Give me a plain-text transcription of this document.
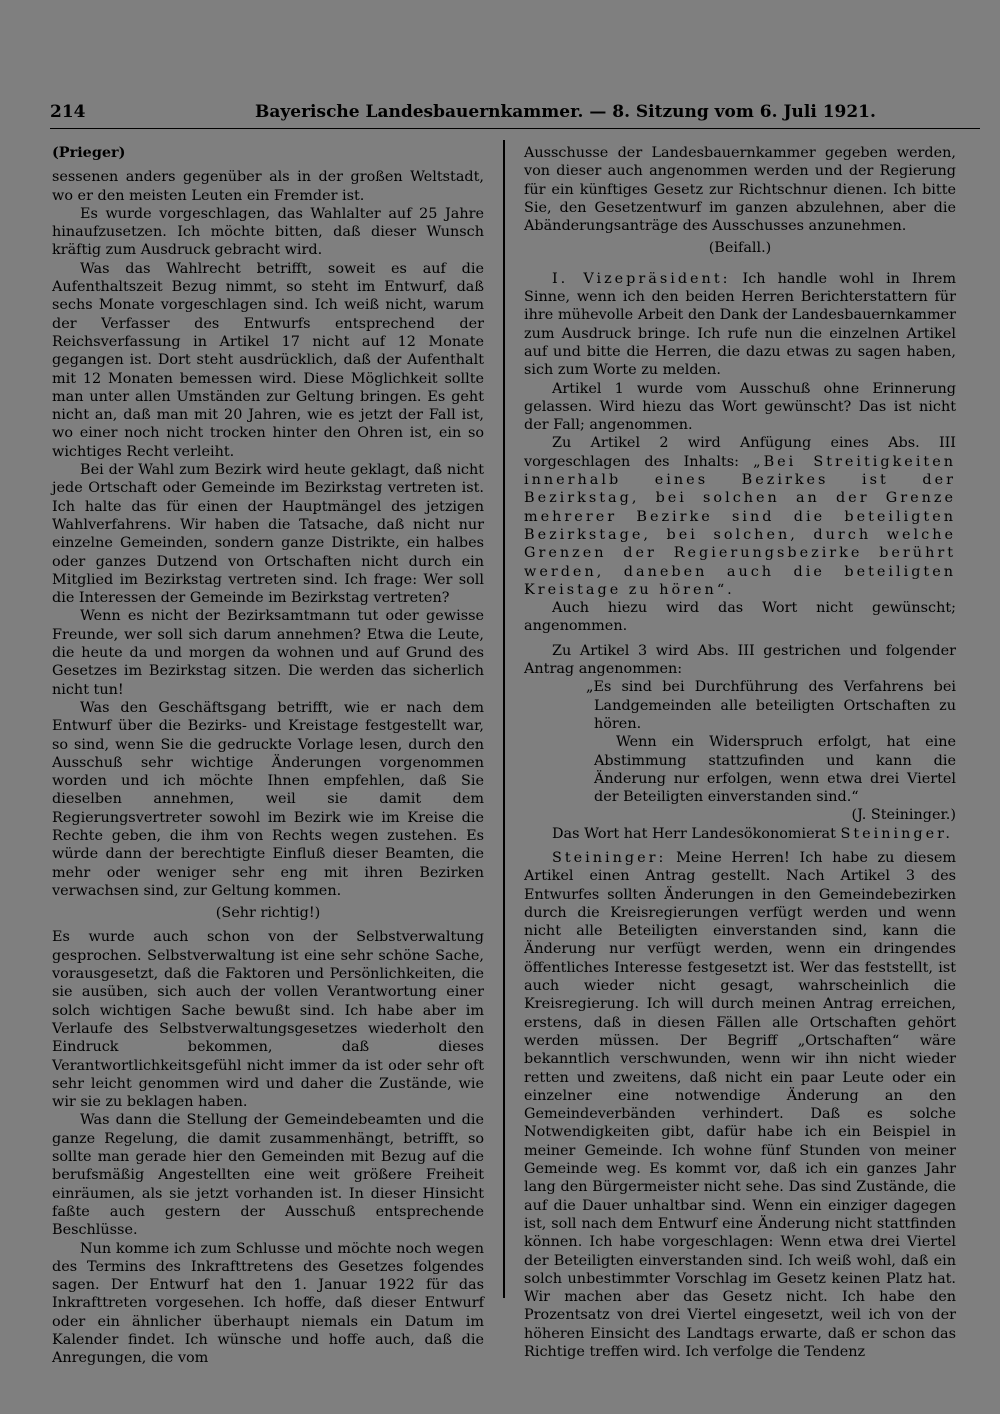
214	Bayerische Landesbauernkammer. — 8. Sitzung vom 6. Juli 1921.

(Prieger)

sessenen anders gegenüber als in der großen Weltstadt, wo er den meisten Leuten ein Fremder ist.

Es wurde vorgeschlagen, das Wahlalter auf 25 Jahre hinaufzusetzen. Ich möchte bitten, daß dieser Wunsch kräftig zum Ausdruck gebracht wird.

Was das Wahlrecht betrifft, soweit es auf die Aufenthaltszeit Bezug nimmt, so steht im Entwurf, daß sechs Monate vorgeschlagen sind. Ich weiß nicht, warum der Verfasser des Entwurfs entsprechend der Reichsverfassung in Artikel 17 nicht auf 12 Monate gegangen ist. Dort steht ausdrücklich, daß der Aufenthalt mit 12 Monaten bemessen wird. Diese Möglichkeit sollte man unter allen Umständen zur Geltung bringen. Es geht nicht an, daß man mit 20 Jahren, wie es jetzt der Fall ist, wo einer noch nicht trocken hinter den Ohren ist, ein so wichtiges Recht verleiht.

Bei der Wahl zum Bezirk wird heute geklagt, daß nicht jede Ortschaft oder Gemeinde im Bezirkstag vertreten ist. Ich halte das für einen der Hauptmängel des jetzigen Wahlverfahrens. Wir haben die Tatsache, daß nicht nur einzelne Gemeinden, sondern ganze Distrikte, ein halbes oder ganzes Dutzend von Ortschaften nicht durch ein Mitglied im Bezirkstag vertreten sind. Ich frage: Wer soll die Interessen der Gemeinde im Bezirkstag vertreten?

Wenn es nicht der Bezirksamtmann tut oder gewisse Freunde, wer soll sich darum annehmen? Etwa die Leute, die heute da und morgen da wohnen und auf Grund des Gesetzes im Bezirkstag sitzen. Die werden das sicherlich nicht tun!

Was den Geschäftsgang betrifft, wie er nach dem Entwurf über die Bezirks- und Kreistage festgestellt war, so sind, wenn Sie die gedruckte Vorlage lesen, durch den Ausschuß sehr wichtige Änderungen vorgenommen worden und ich möchte Ihnen empfehlen, daß Sie dieselben annehmen, weil sie damit dem Regierungsvertreter sowohl im Bezirk wie im Kreise die Rechte geben, die ihm von Rechts wegen zustehen. Es würde dann der berechtigte Einfluß dieser Beamten, die mehr oder weniger sehr eng mit ihren Bezirken verwachsen sind, zur Geltung kommen.

(Sehr richtig!)

Es wurde auch schon von der Selbstverwaltung gesprochen. Selbstverwaltung ist eine sehr schöne Sache, vorausgesetzt, daß die Faktoren und Persönlichkeiten, die sie ausüben, sich auch der vollen Verantwortung einer solch wichtigen Sache bewußt sind. Ich habe aber im Verlaufe des Selbstverwaltungsgesetzes wiederholt den Eindruck bekommen, daß dieses Verantwortlichkeitsgefühl nicht immer da ist oder sehr oft sehr leicht genommen wird und daher die Zustände, wie wir sie zu beklagen haben.

Was dann die Stellung der Gemeindebeamten und die ganze Regelung, die damit zusammenhängt, betrifft, so sollte man gerade hier den Gemeinden mit Bezug auf die berufsmäßig Angestellten eine weit größere Freiheit einräumen, als sie jetzt vorhanden ist. In dieser Hinsicht faßte auch gestern der Ausschuß entsprechende Beschlüsse.

Nun komme ich zum Schlusse und möchte noch wegen des Termins des Inkrafttretens des Gesetzes folgendes sagen. Der Entwurf hat den 1. Januar 1922 für das Inkrafttreten vorgesehen. Ich hoffe, daß dieser Entwurf oder ein ähnlicher überhaupt niemals ein Datum im Kalender findet. Ich wünsche und hoffe auch, daß die Anregungen, die vom

Ausschusse der Landesbauernkammer gegeben werden, von dieser auch angenommen werden und der Regierung für ein künftiges Gesetz zur Richtschnur dienen. Ich bitte Sie, den Gesetzentwurf im ganzen abzulehnen, aber die Abänderungsanträge des Ausschusses anzunehmen.

(Beifall.)

I. Vizepräsident: Ich handle wohl in Ihrem Sinne, wenn ich den beiden Herren Berichterstattern für ihre mühevolle Arbeit den Dank der Landesbauernkammer zum Ausdruck bringe. Ich rufe nun die einzelnen Artikel auf und bitte die Herren, die dazu etwas zu sagen haben, sich zum Worte zu melden.

Artikel 1 wurde vom Ausschuß ohne Erinnerung gelassen. Wird hiezu das Wort gewünscht? Das ist nicht der Fall; angenommen.

Zu Artikel 2 wird Anfügung eines Abs. III vorgeschlagen des Inhalts: „Bei Streitigkeiten innerhalb eines Bezirkes ist der Bezirkstag, bei solchen an der Grenze mehrerer Bezirke sind die beteiligten Bezirkstage, bei solchen, durch welche Grenzen der Regierungsbezirke berührt werden, daneben auch die beteiligten Kreistage zu hören“.

Auch hiezu wird das Wort nicht gewünscht; angenommen.

Zu Artikel 3 wird Abs. III gestrichen und folgender Antrag angenommen:

„Es sind bei Durchführung des Verfahrens bei Landgemeinden alle beteiligten Ortschaften zu hören.

Wenn ein Widerspruch erfolgt, hat eine Abstimmung stattzufinden und kann die Änderung nur erfolgen, wenn etwa drei Viertel der Beteiligten einverstanden sind.“
(J. Steininger.)

Das Wort hat Herr Landesökonomierat Steininger.

Steininger: Meine Herren! Ich habe zu diesem Artikel einen Antrag gestellt. Nach Artikel 3 des Entwurfes sollten Änderungen in den Gemeindebezirken durch die Kreisregierungen verfügt werden und wenn nicht alle Beteiligten einverstanden sind, kann die Änderung nur verfügt werden, wenn ein dringendes öffentliches Interesse festgesetzt ist. Wer das feststellt, ist auch wieder nicht gesagt, wahrscheinlich die Kreisregierung. Ich will durch meinen Antrag erreichen, erstens, daß in diesen Fällen alle Ortschaften gehört werden müssen. Der Begriff „Ortschaften“ wäre bekanntlich verschwunden, wenn wir ihn nicht wieder retten und zweitens, daß nicht ein paar Leute oder ein einzelner eine notwendige Änderung an den Gemeindeverbänden verhindert. Daß es solche Notwendigkeiten gibt, dafür habe ich ein Beispiel in meiner Gemeinde. Ich wohne fünf Stunden von meiner Gemeinde weg. Es kommt vor, daß ich ein ganzes Jahr lang den Bürgermeister nicht sehe. Das sind Zustände, die auf die Dauer unhaltbar sind. Wenn ein einziger dagegen ist, soll nach dem Entwurf eine Änderung nicht stattfinden können. Ich habe vorgeschlagen: Wenn etwa drei Viertel der Beteiligten einverstanden sind. Ich weiß wohl, daß ein solch unbestimmter Vorschlag im Gesetz keinen Platz hat. Wir machen aber das Gesetz nicht. Ich habe den Prozentsatz von drei Viertel eingesetzt, weil ich von der höheren Einsicht des Landtags erwarte, daß er schon das Richtige treffen wird. Ich verfolge die Tendenz
